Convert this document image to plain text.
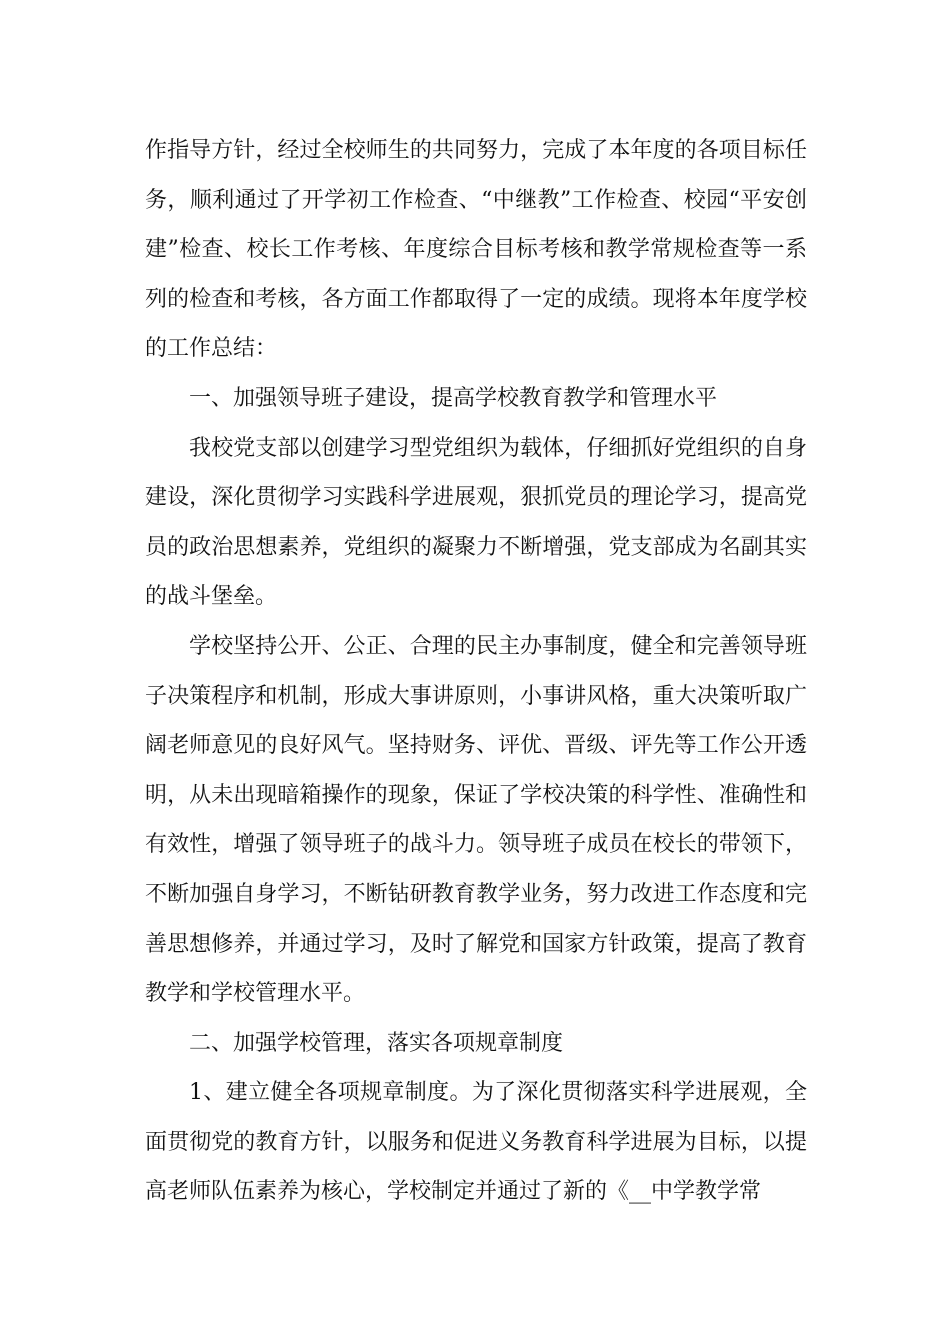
作指导方针，经过全校师生的共同努力，完成了本年度的各项目标任务，顺利通过了开学初工作检查、“中继教”工作检查、校园“平安创建”检查、校长工作考核、年度综合目标考核和教学常规检查等一系列的检查和考核，各方面工作都取得了一定的成绩。现将本年度学校的工作总结：

一、加强领导班子建设，提高学校教育教学和管理水平

我校党支部以创建学习型党组织为载体，仔细抓好党组织的自身建设，深化贯彻学习实践科学进展观，狠抓党员的理论学习，提高党员的政治思想素养，党组织的凝聚力不断增强，党支部成为名副其实的战斗堡垒。

学校坚持公开、公正、合理的民主办事制度，健全和完善领导班子决策程序和机制，形成大事讲原则，小事讲风格，重大决策听取广阔老师意见的良好风气。坚持财务、评优、晋级、评先等工作公开透明，从未出现暗箱操作的现象，保证了学校决策的科学性、准确性和有效性，增强了领导班子的战斗力。领导班子成员在校长的带领下，不断加强自身学习，不断钻研教育教学业务，努力改进工作态度和完善思想修养，并通过学习，及时了解党和国家方针政策，提高了教育教学和学校管理水平。

二、加强学校管理，落实各项规章制度

1、建立健全各项规章制度。为了深化贯彻落实科学进展观，全面贯彻党的教育方针，以服务和促进义务教育科学进展为目标，以提高老师队伍素养为核心，学校制定并通过了新的《__中学教学常
